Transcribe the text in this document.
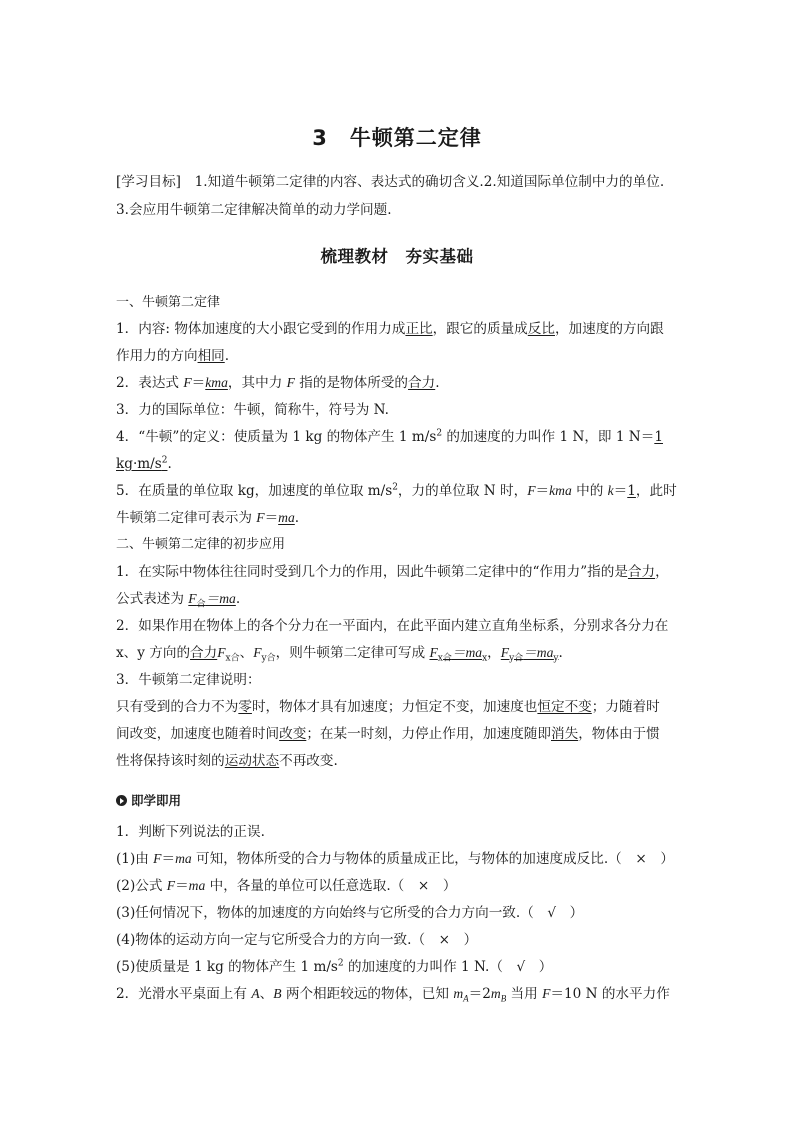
3　牛顿第二定律
[学习目标]　 1.知道牛顿第二定律的内容、表达式的确切含义.2.知道国际单位制中力的单位.
3.会应用牛顿第二定律解决简单的动力学问题.
梳理教材　夯实基础
一、牛顿第二定律
1．内容: 物体加速度的大小跟它受到的作用力成正比，跟它的质量成反比，加速度的方向跟
作用力的方向相同.
2．表达式 F＝kma，其中力 F 指的是物体所受的合力.
3．力的国际单位：牛顿，简称牛，符号为 N.
4．“牛顿”的定义：使质量为 1 kg 的物体产生 1 $m/s^2$ 的加速度的力叫作 1 N，即 1 N＝1
$kg\cdot m/s^2$.
5．在质量的单位取 kg，加速度的单位取 $m/s^2$，力的单位取 N 时，F＝kma 中的 k＝1，此时
牛顿第二定律可表示为 F＝ma.
二、牛顿第二定律的初步应用
1．在实际中物体往往同时受到几个力的作用，因此牛顿第二定律中的“作用力”指的是合力，
公式表述为 $F_合=ma$.
2．如果作用在物体上的各个分力在一平面内，在此平面内建立直角坐标系，分别求各分力在
x、y 方向的合力$F_{x合}$、$F_{y合}$，则牛顿第二定律可写成 $F_{x合}=ma_x$，$F_{y合}=ma_y$.
3．牛顿第二定律说明：
只有受到的合力不为零时，物体才具有加速度；力恒定不变，加速度也恒定不变；力随着时
间改变，加速度也随着时间改变；在某一时刻，力停止作用，加速度随即消失，物体由于惯
性将保持该时刻的运动状态不再改变.
即学即用
1．判断下列说法的正误.
(1)由 F＝ma 可知，物体所受的合力与物体的质量成正比，与物体的加速度成反比.（　×　）
(2)公式 F＝ma 中，各量的单位可以任意选取.（　×　）
(3)任何情况下，物体的加速度的方向始终与它所受的合力方向一致.（　√　）
(4)物体的运动方向一定与它所受合力的方向一致.（　×　）
(5)使质量是 1 kg 的物体产生 1 $m/s^2$ 的加速度的力叫作 1 N.（　√　）
2．光滑水平桌面上有 A、B 两个相距较远的物体，已知 $m_A=2m_B$ 当用 F＝10 N 的水平力作
